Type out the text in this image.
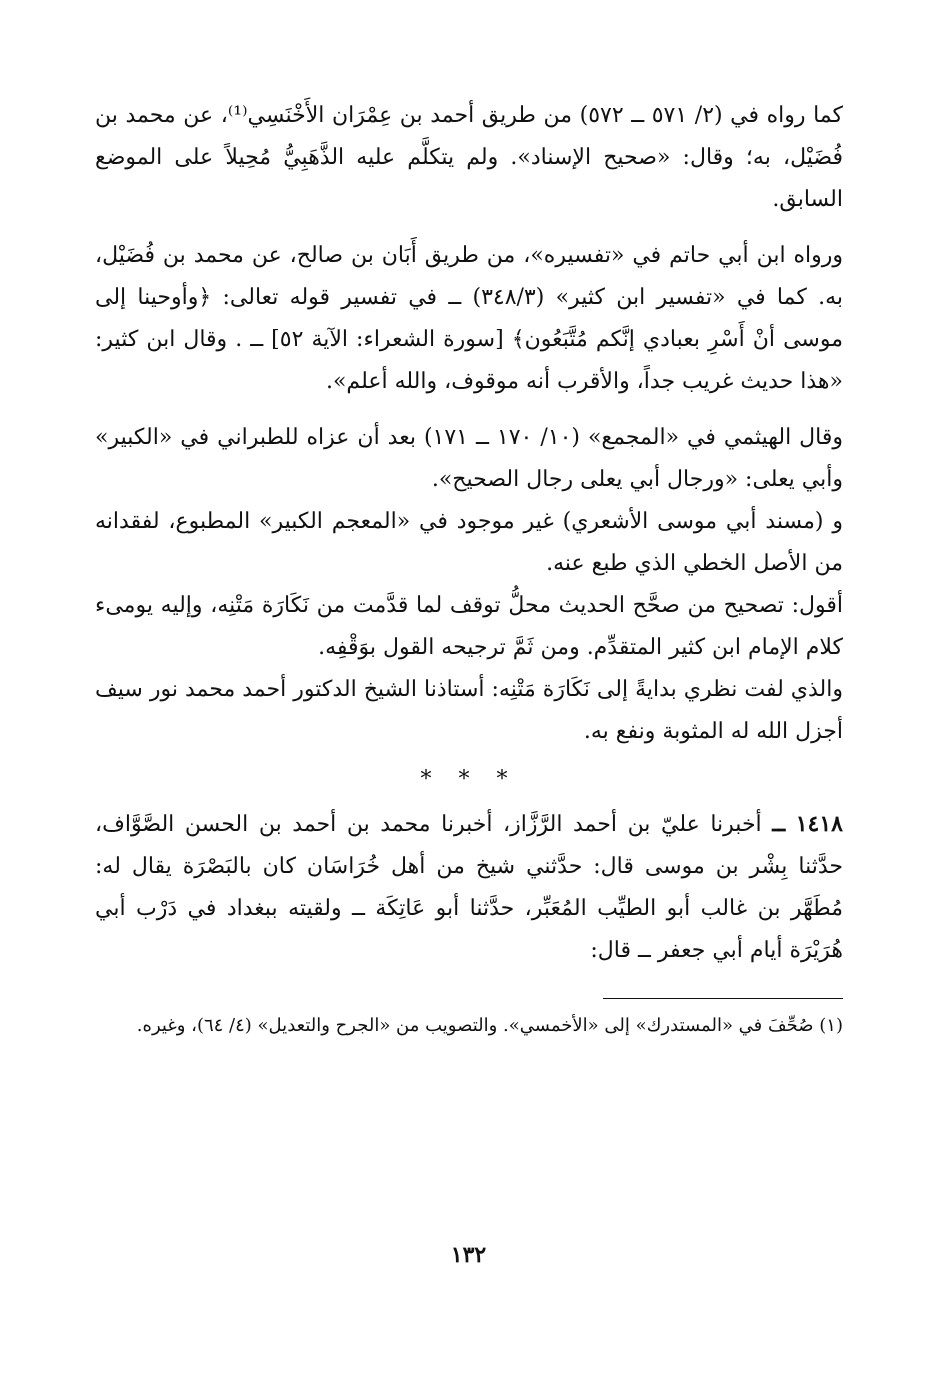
كما رواه في (٢/ ٥٧١ ــ ٥٧٢) من طريق أحمد بن عِمْرَان الأَخْنَسِي⁽¹⁾، عن محمد بن فُضَيْل، به؛ وقال: «صحيح الإسناد». ولم يتكلَّم عليه الذَّهَبِيُّ مُحِيلاً على الموضع السابق.

ورواه ابن أبي حاتم في «تفسيره»، من طريق أَبَان بن صالح، عن محمد بن فُضَيْل، به. كما في «تفسير ابن كثير» (٣٤٨/٣) ــ في تفسير قوله تعالى: ﴿وأوحينا إلى موسى أنْ أَسْرِ بعبادي إنَّكم مُتَّبَعُون﴾ [سورة الشعراء: الآية ٥٢] ــ . وقال ابن كثير: «هذا حديث غريب جداً، والأقرب أنه موقوف، والله أعلم».

وقال الهيثمي في «المجمع» (١٠/ ١٧٠ ــ ١٧١) بعد أن عزاه للطبراني في «الكبير» وأبي يعلى: «ورجال أبي يعلى رجال الصحيح».

و (مسند أبي موسى الأشعري) غير موجود في «المعجم الكبير» المطبوع، لفقدانه من الأصل الخطي الذي طبع عنه.

أقول: تصحيح من صحَّح الحديث محلُّ توقف لما قدَّمت من نَكَارَة مَتْنِه، وإليه يومىء كلام الإمام ابن كثير المتقدِّم. ومن ثَمَّ ترجيحه القول بوَقْفِه.

والذي لفت نظري بدايةً إلى نَكَارَة مَتْنِه: أستاذنا الشيخ الدكتور أحمد محمد نور سيف أجزل الله له المثوبة ونفع به.

* * *

١٤١٨ ــ أخبرنا عليّ بن أحمد الرَّزَّاز، أخبرنا محمد بن أحمد بن الحسن الصَّوَّاف، حدَّثنا بِشْر بن موسى قال: حدَّثني شيخ من أهل خُرَاسَان كان بالبَصْرَة يقال له: مُطَهَّر بن غالب أبو الطيِّب المُعَبِّر، حدَّثنا أبو عَاتِكَة ــ ولقيته ببغداد في دَرْب أبي هُرَيْرَة أيام أبي جعفر ــ قال:

(١) صُحِّفَ في «المستدرك» إلى «الأخمسي». والتصويب من «الجرح والتعديل» (٤/ ٦٤)، وغيره.

١٣٢
